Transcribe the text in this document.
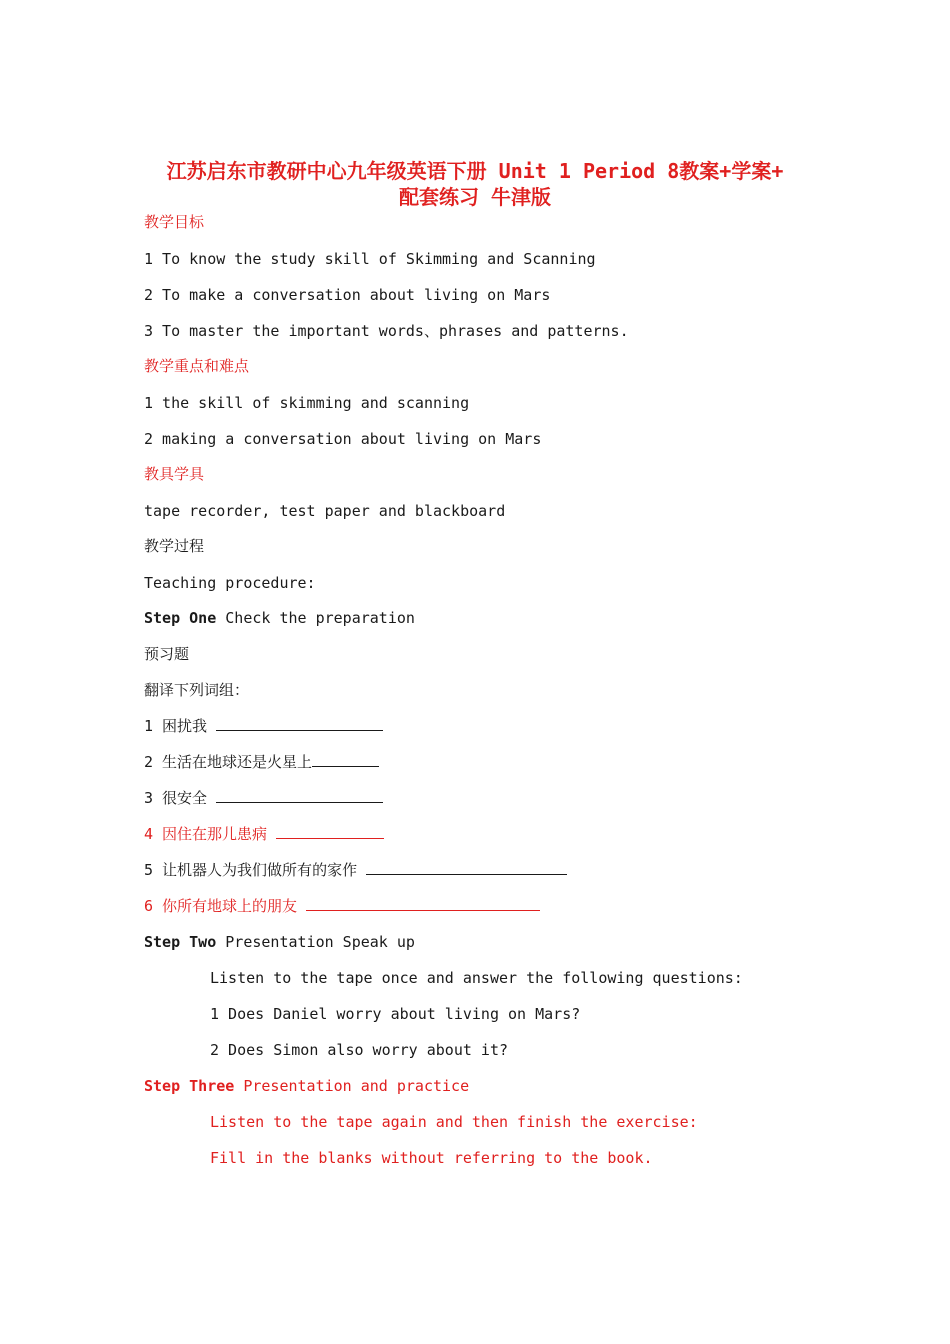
江苏启东市教研中心九年级英语下册 Unit 1 Period 8教案+学案+
配套练习 牛津版
教学目标
1 To know the study skill of Skimming and Scanning
2 To make a conversation about living on Mars
3 To master the important words、phrases and patterns.
教学重点和难点
1 the skill of skimming and scanning
2 making a conversation about living on Mars
教具学具
tape recorder, test paper and blackboard
教学过程
Teaching procedure:
Step One Check the preparation
预习题
翻译下列词组：
1 困扰我
2 生活在地球还是火星上
3 很安全
4 因住在那儿患病
5 让机器人为我们做所有的家作
6 你所有地球上的朋友
Step Two Presentation Speak up
Listen to the tape once and answer the following questions:
1 Does Daniel worry about living on Mars?
2 Does Simon also worry about it?
Step Three Presentation and practice
Listen to the tape again and then finish the exercise:
Fill in the blanks without referring to the book.
